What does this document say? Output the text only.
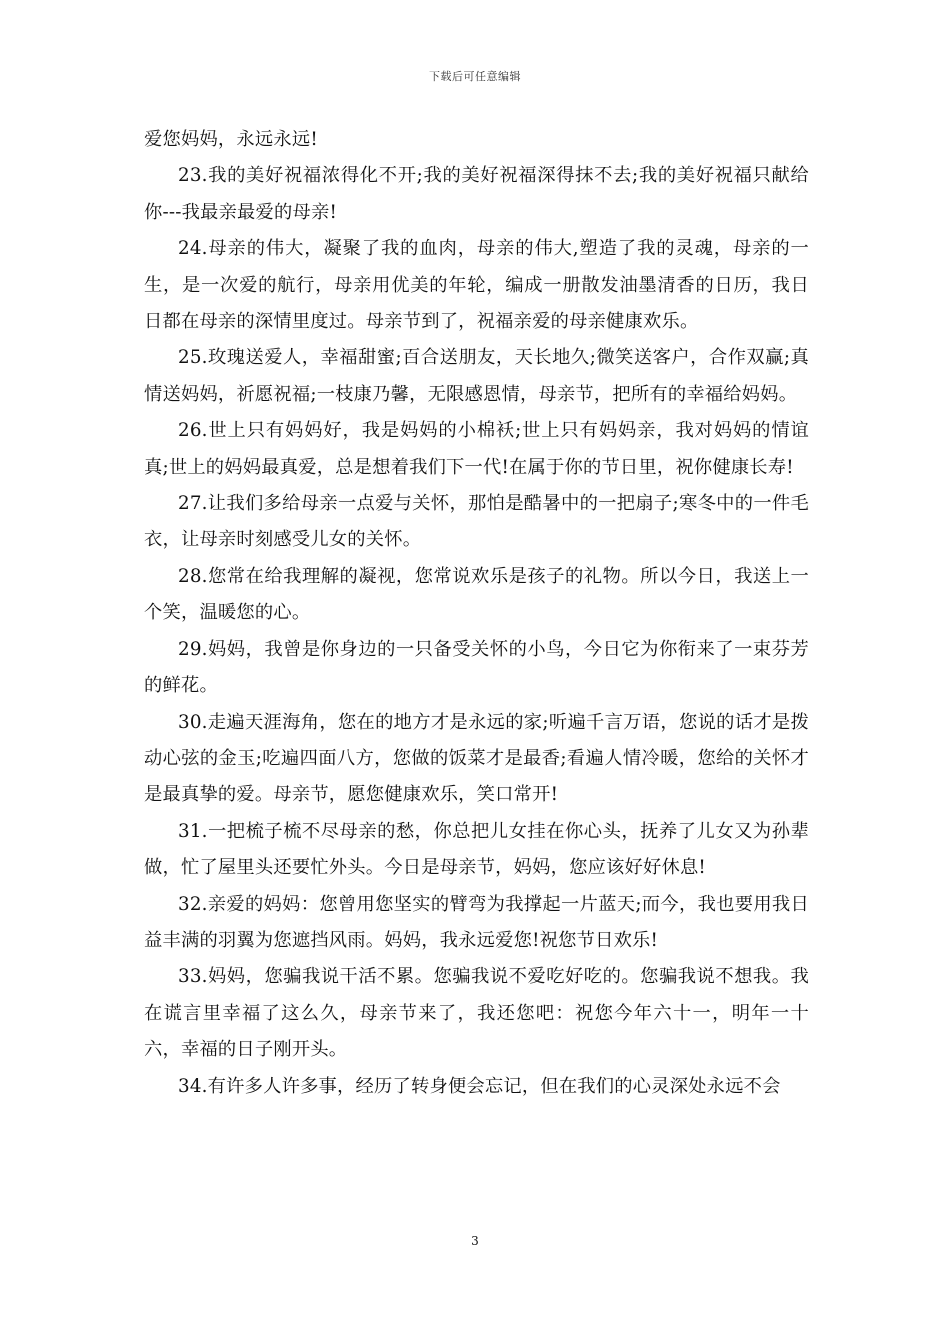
下载后可任意编辑

爱您妈妈，永远永远!

23.我的美好祝福浓得化不开;我的美好祝福深得抹不去;我的美好祝福只献给你---我最亲最爱的母亲!

24.母亲的伟大，凝聚了我的血肉，母亲的伟大,塑造了我的灵魂，母亲的一生，是一次爱的航行，母亲用优美的年轮，编成一册散发油墨清香的日历，我日日都在母亲的深情里度过。母亲节到了，祝福亲爱的母亲健康欢乐。

25.玫瑰送爱人，幸福甜蜜;百合送朋友，天长地久;微笑送客户，合作双赢;真情送妈妈，祈愿祝福;一枝康乃馨，无限感恩情，母亲节，把所有的幸福给妈妈。

26.世上只有妈妈好，我是妈妈的小棉袄;世上只有妈妈亲，我对妈妈的情谊真;世上的妈妈最真爱，总是想着我们下一代!在属于你的节日里，祝你健康长寿!

27.让我们多给母亲一点爱与关怀，那怕是酷暑中的一把扇子;寒冬中的一件毛衣，让母亲时刻感受儿女的关怀。

28.您常在给我理解的凝视，您常说欢乐是孩子的礼物。所以今日，我送上一个笑，温暖您的心。

29.妈妈，我曾是你身边的一只备受关怀的小鸟，今日它为你衔来了一束芬芳的鲜花。

30.走遍天涯海角，您在的地方才是永远的家;听遍千言万语，您说的话才是拨动心弦的金玉;吃遍四面八方，您做的饭菜才是最香;看遍人情冷暖，您给的关怀才是最真挚的爱。母亲节，愿您健康欢乐，笑口常开!

31.一把梳子梳不尽母亲的愁，你总把儿女挂在你心头，抚养了儿女又为孙辈做，忙了屋里头还要忙外头。今日是母亲节，妈妈，您应该好好休息!

32.亲爱的妈妈：您曾用您坚实的臂弯为我撑起一片蓝天;而今，我也要用我日益丰满的羽翼为您遮挡风雨。妈妈，我永远爱您!祝您节日欢乐!

33.妈妈，您骗我说干活不累。您骗我说不爱吃好吃的。您骗我说不想我。我在谎言里幸福了这么久，母亲节来了，我还您吧：祝您今年六十一，明年一十六，幸福的日子刚开头。

34.有许多人许多事，经历了转身便会忘记，但在我们的心灵深处永远不会

3
